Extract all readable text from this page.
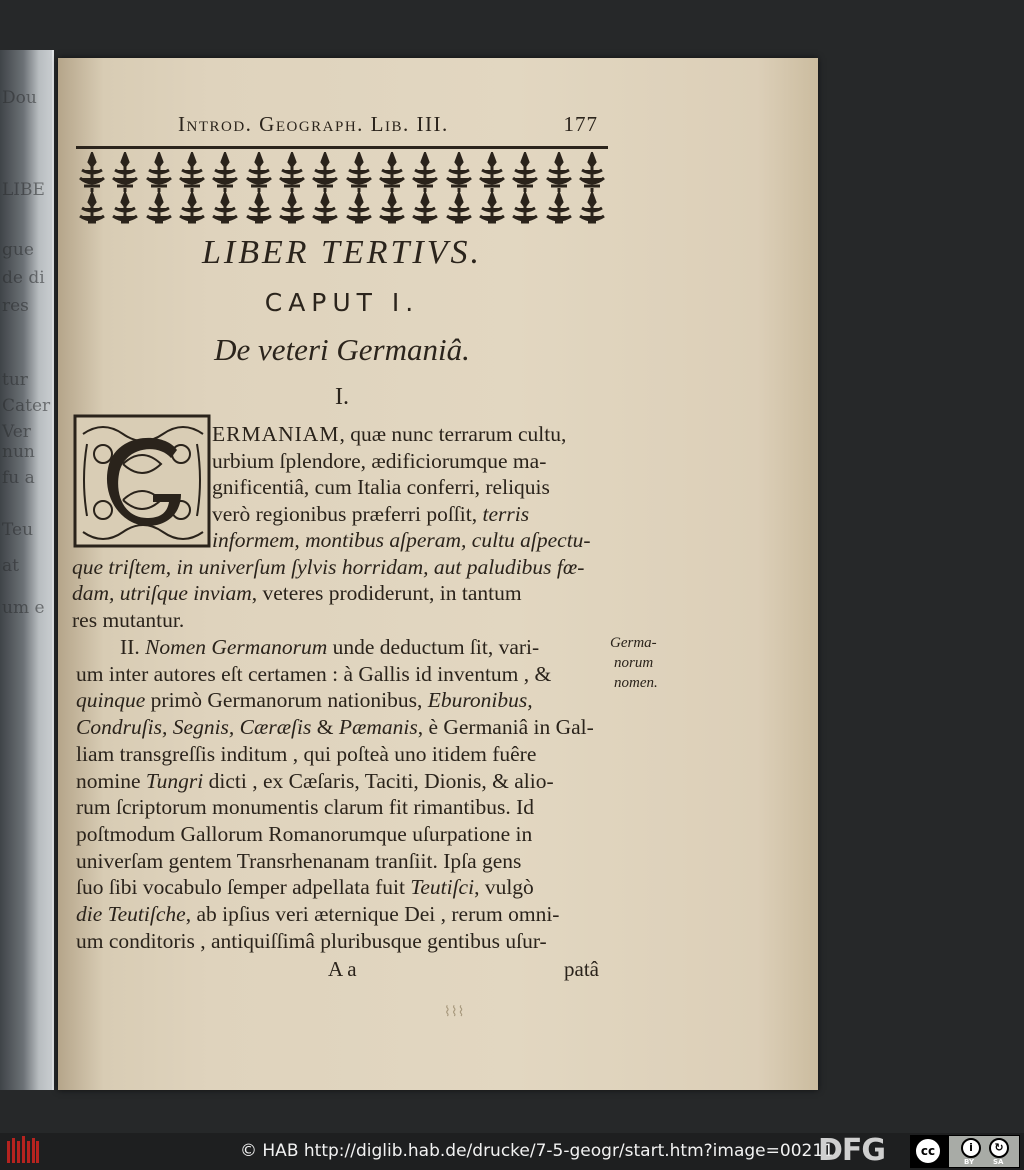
Dou
LIBE
gue
de di
res
tur
Cater
Ver
nun
fu a
Teu
at
um e
Introd. Geograph. Lib. III.	177
LIBER TERTIVS.
CAPUT I.
De veteri Germaniâ.
I.
ERMANIAM, quæ nunc terrarum cultu,
urbium ſplendore, ædificiorumque ma-
gnificentiâ, cum Italia conferri, reliquis
verò regionibus præferri poſſit, terris
informem, montibus aſperam, cultu aſpectu-
que triſtem, in univerſum ſylvis horridam, aut paludibus fœ-
dam, utriſque inviam, veteres prodiderunt, in tantum
res mutantur.
II. Nomen Germanorum unde deductum ſit, vari-
um inter autores eſt certamen : à Gallis id inventum , &
quinque primò Germanorum nationibus, Eburonibus,
Condruſis, Segnis, Cæræſis & Pæmanis, è Germaniâ in Gal-
liam transgreſſis inditum , qui poſteà uno itidem fuêre
nomine Tungri dicti , ex Cæſaris, Taciti, Dionis, & alio-
rum ſcriptorum monumentis clarum fit rimantibus. Id
poſtmodum Gallorum Romanorumque uſurpatione in
univerſam gentem Transrhenanam tranſiit. Ipſa gens
ſuo ſibi vocabulo ſemper adpellata fuit Teutiſci, vulgò
die Teutiſche, ab ipſius veri æternique Dei , rerum omni-
um conditoris , antiquiſſimâ pluribusque gentibus uſur-
Germa-
norum
nomen.
A a	patâ
⌇⌇⌇
© HAB http://diglib.hab.de/drucke/7-5-geogr/start.htm?image=00211
DFG	cc	i	↻
BY	SA
